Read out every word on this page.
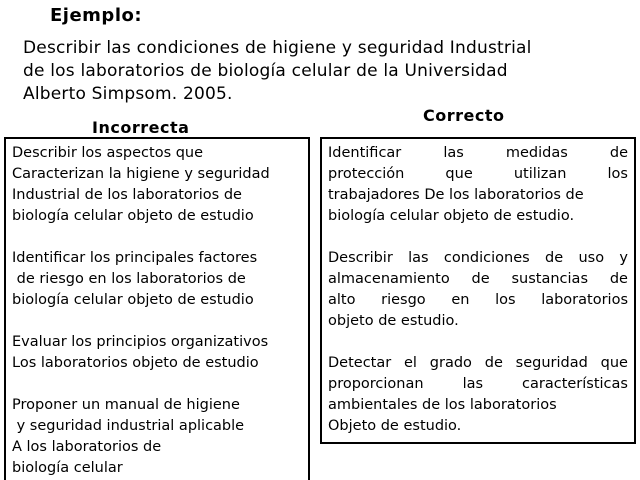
Ejemplo:
Describir las condiciones de higiene y seguridad Industrial
de los laboratorios de biología celular de la Universidad
Alberto Simpsom. 2005.
Incorrecta
Correcto
Describir los aspectos que
Caracterizan la higiene y seguridad
Industrial de los laboratorios de
biología celular objeto de estudio
Identificar los principales factores
de riesgo en los laboratorios de
biología celular objeto de estudio
Evaluar los principios organizativos
Los laboratorios objeto de estudio
Proponer un manual de higiene
y seguridad industrial aplicable
A los laboratorios de
biología celular
Identificar	las	medidas	de
protección	que	utilizan	los
trabajadores De los laboratorios de
biología celular objeto de estudio.
Describir las condiciones de uso y
almacenamiento de sustancias de
alto riesgo en los laboratorios
objeto de estudio.
Detectar el grado de seguridad que
proporcionan	las	características
ambientales de los laboratorios
Objeto de estudio.
